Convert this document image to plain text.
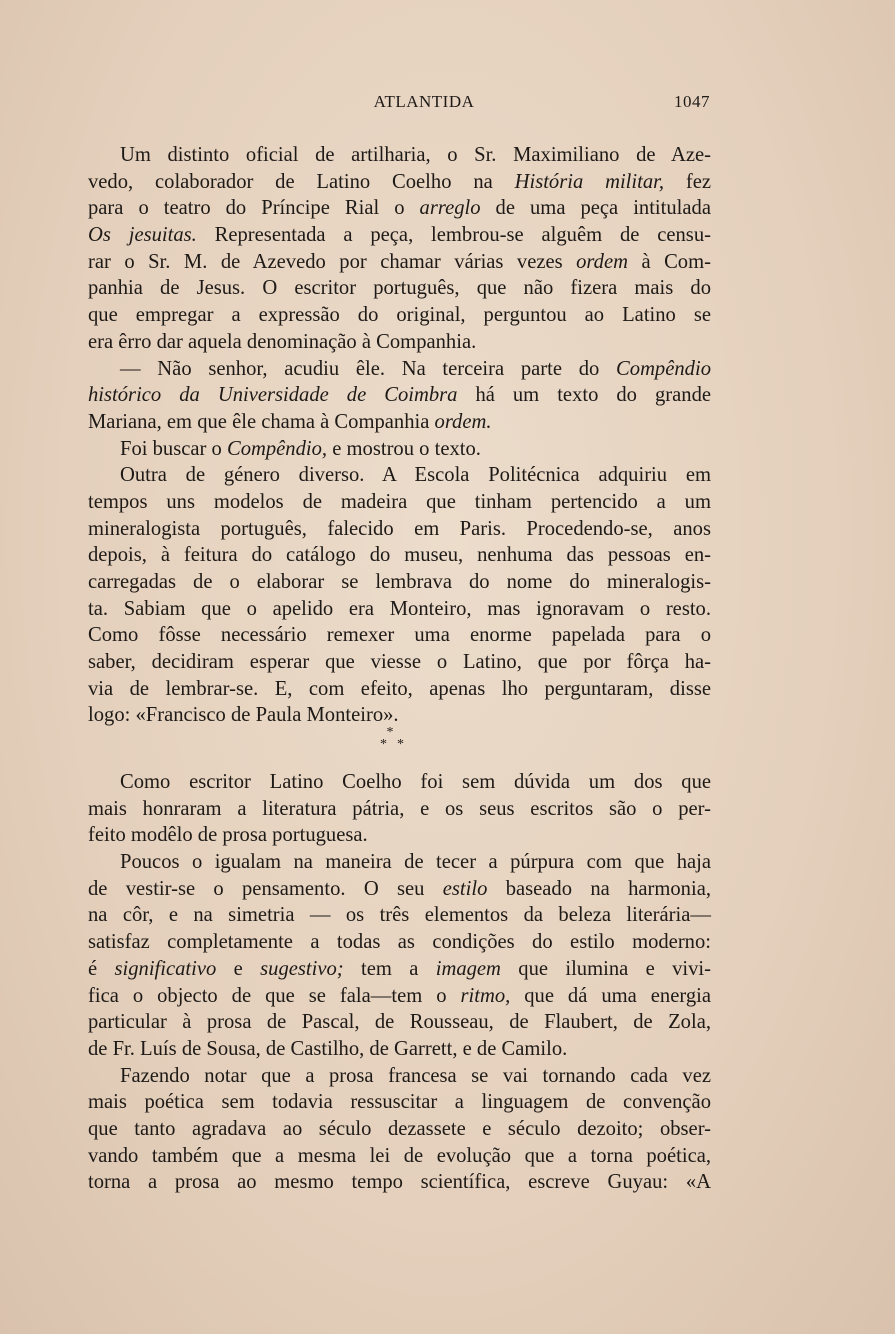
ATLANTIDA	1047
Um distinto oficial de artilharia, o Sr. Maximiliano de Aze-
vedo, colaborador de Latino Coelho na História militar, fez
para o teatro do Príncipe Rial o arreglo de uma peça intitulada
Os jesuitas. Representada a peça, lembrou-se alguêm de censu-
rar o Sr. M. de Azevedo por chamar várias vezes ordem à Com-
panhia de Jesus. O escritor português, que não fizera mais do
que empregar a expressão do original, perguntou ao Latino se
era êrro dar aquela denominação à Companhia.
— Não senhor, acudiu êle. Na terceira parte do Compêndio
histórico da Universidade de Coimbra há um texto do grande
Mariana, em que êle chama à Companhia ordem.
Foi buscar o Compêndio, e mostrou o texto.
Outra de género diverso. A Escola Politécnica adquiriu em
tempos uns modelos de madeira que tinham pertencido a um
mineralogista português, falecido em Paris. Procedendo-se, anos
depois, à feitura do catálogo do museu, nenhuma das pessoas en-
carregadas de o elaborar se lembrava do nome do mineralogis-
ta. Sabiam que o apelido era Monteiro, mas ignoravam o resto.
Como fôsse necessário remexer uma enorme papelada para o
saber, decidiram esperar que viesse o Latino, que por fôrça ha-
via de lembrar-se. E, com efeito, apenas lho perguntaram, disse
logo: «Francisco de Paula Monteiro».
*
**
Como escritor Latino Coelho foi sem dúvida um dos que
mais honraram a literatura pátria, e os seus escritos são o per-
feito modêlo de prosa portuguesa.
Poucos o igualam na maneira de tecer a púrpura com que haja
de vestir-se o pensamento. O seu estilo baseado na harmonia,
na côr, e na simetria — os três elementos da beleza literária—
satisfaz completamente a todas as condições do estilo moderno:
é significativo e sugestivo; tem a imagem que ilumina e vivi-
fica o objecto de que se fala—tem o ritmo, que dá uma energia
particular à prosa de Pascal, de Rousseau, de Flaubert, de Zola,
de Fr. Luís de Sousa, de Castilho, de Garrett, e de Camilo.
Fazendo notar que a prosa francesa se vai tornando cada vez
mais poética sem todavia ressuscitar a linguagem de convenção
que tanto agradava ao século dezassete e século dezoito; obser-
vando também que a mesma lei de evolução que a torna poética,
torna a prosa ao mesmo tempo scientífica, escreve Guyau: «A
